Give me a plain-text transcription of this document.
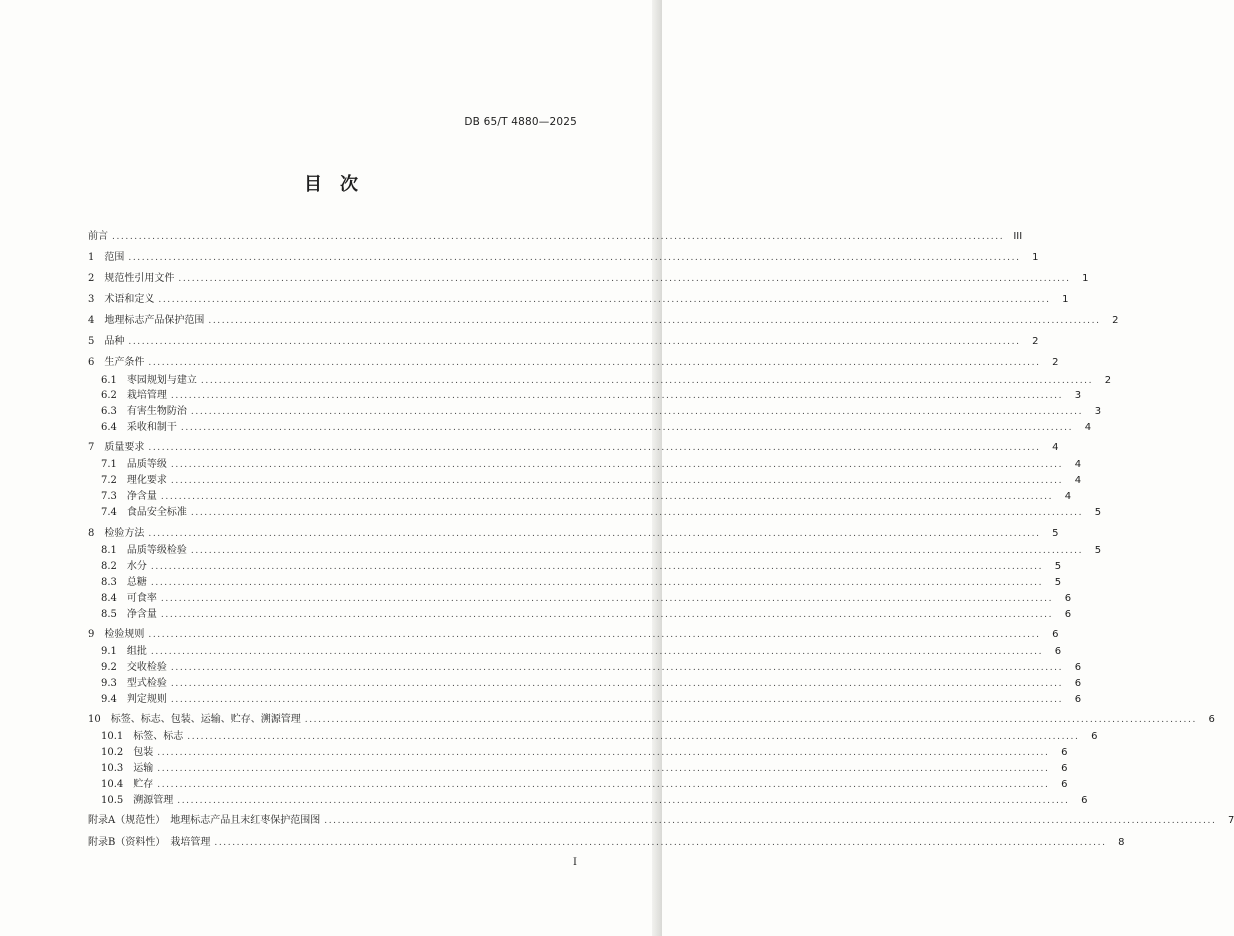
DB 65/T 4880—2025
目　次
前言 ........................................................................................................................................................................................................ III
1　范围 ........................................................................................................................................................................................................	1
2　规范性引用文件 ........................................................................................................................................................................................................	1
3　术语和定义 ........................................................................................................................................................................................................	1
4　地理标志产品保护范围 ........................................................................................................................................................................................................	2
5　品种 ........................................................................................................................................................................................................	2
6　生产条件 ........................................................................................................................................................................................................	2
6.1　枣园规划与建立 ........................................................................................................................................................................................................	2
6.2　栽培管理 ........................................................................................................................................................................................................	3
6.3　有害生物防治 ........................................................................................................................................................................................................	3
6.4　采收和制干 ........................................................................................................................................................................................................	4
7　质量要求 ........................................................................................................................................................................................................	4
7.1　品质等级 ........................................................................................................................................................................................................	4
7.2　理化要求 ........................................................................................................................................................................................................	4
7.3　净含量 ........................................................................................................................................................................................................	4
7.4　食品安全标准 ........................................................................................................................................................................................................	5
8　检验方法 ........................................................................................................................................................................................................	5
8.1　品质等级检验 ........................................................................................................................................................................................................	5
8.2　水分 ........................................................................................................................................................................................................	5
8.3　总糖 ........................................................................................................................................................................................................	5
8.4　可食率 ........................................................................................................................................................................................................	6
8.5　净含量 ........................................................................................................................................................................................................	6
9　检验规则 ........................................................................................................................................................................................................	6
9.1　组批 ........................................................................................................................................................................................................	6
9.2　交收检验 ........................................................................................................................................................................................................	6
9.3　型式检验 ........................................................................................................................................................................................................	6
9.4　判定规则 ........................................................................................................................................................................................................	6
10　标签、标志、包装、运输、贮存、溯源管理 ........................................................................................................................................................................................................	6
10.1　标签、标志 ........................................................................................................................................................................................................	6
10.2　包装 ........................................................................................................................................................................................................	6
10.3　运输 ........................................................................................................................................................................................................	6
10.4　贮存 ........................................................................................................................................................................................................	6
10.5　溯源管理 ........................................................................................................................................................................................................	6
附录A（规范性）　地理标志产品且末红枣保护范围图 ........................................................................................................................................................................................................	7
附录B（资料性）　栽培管理 ........................................................................................................................................................................................................	8
I
